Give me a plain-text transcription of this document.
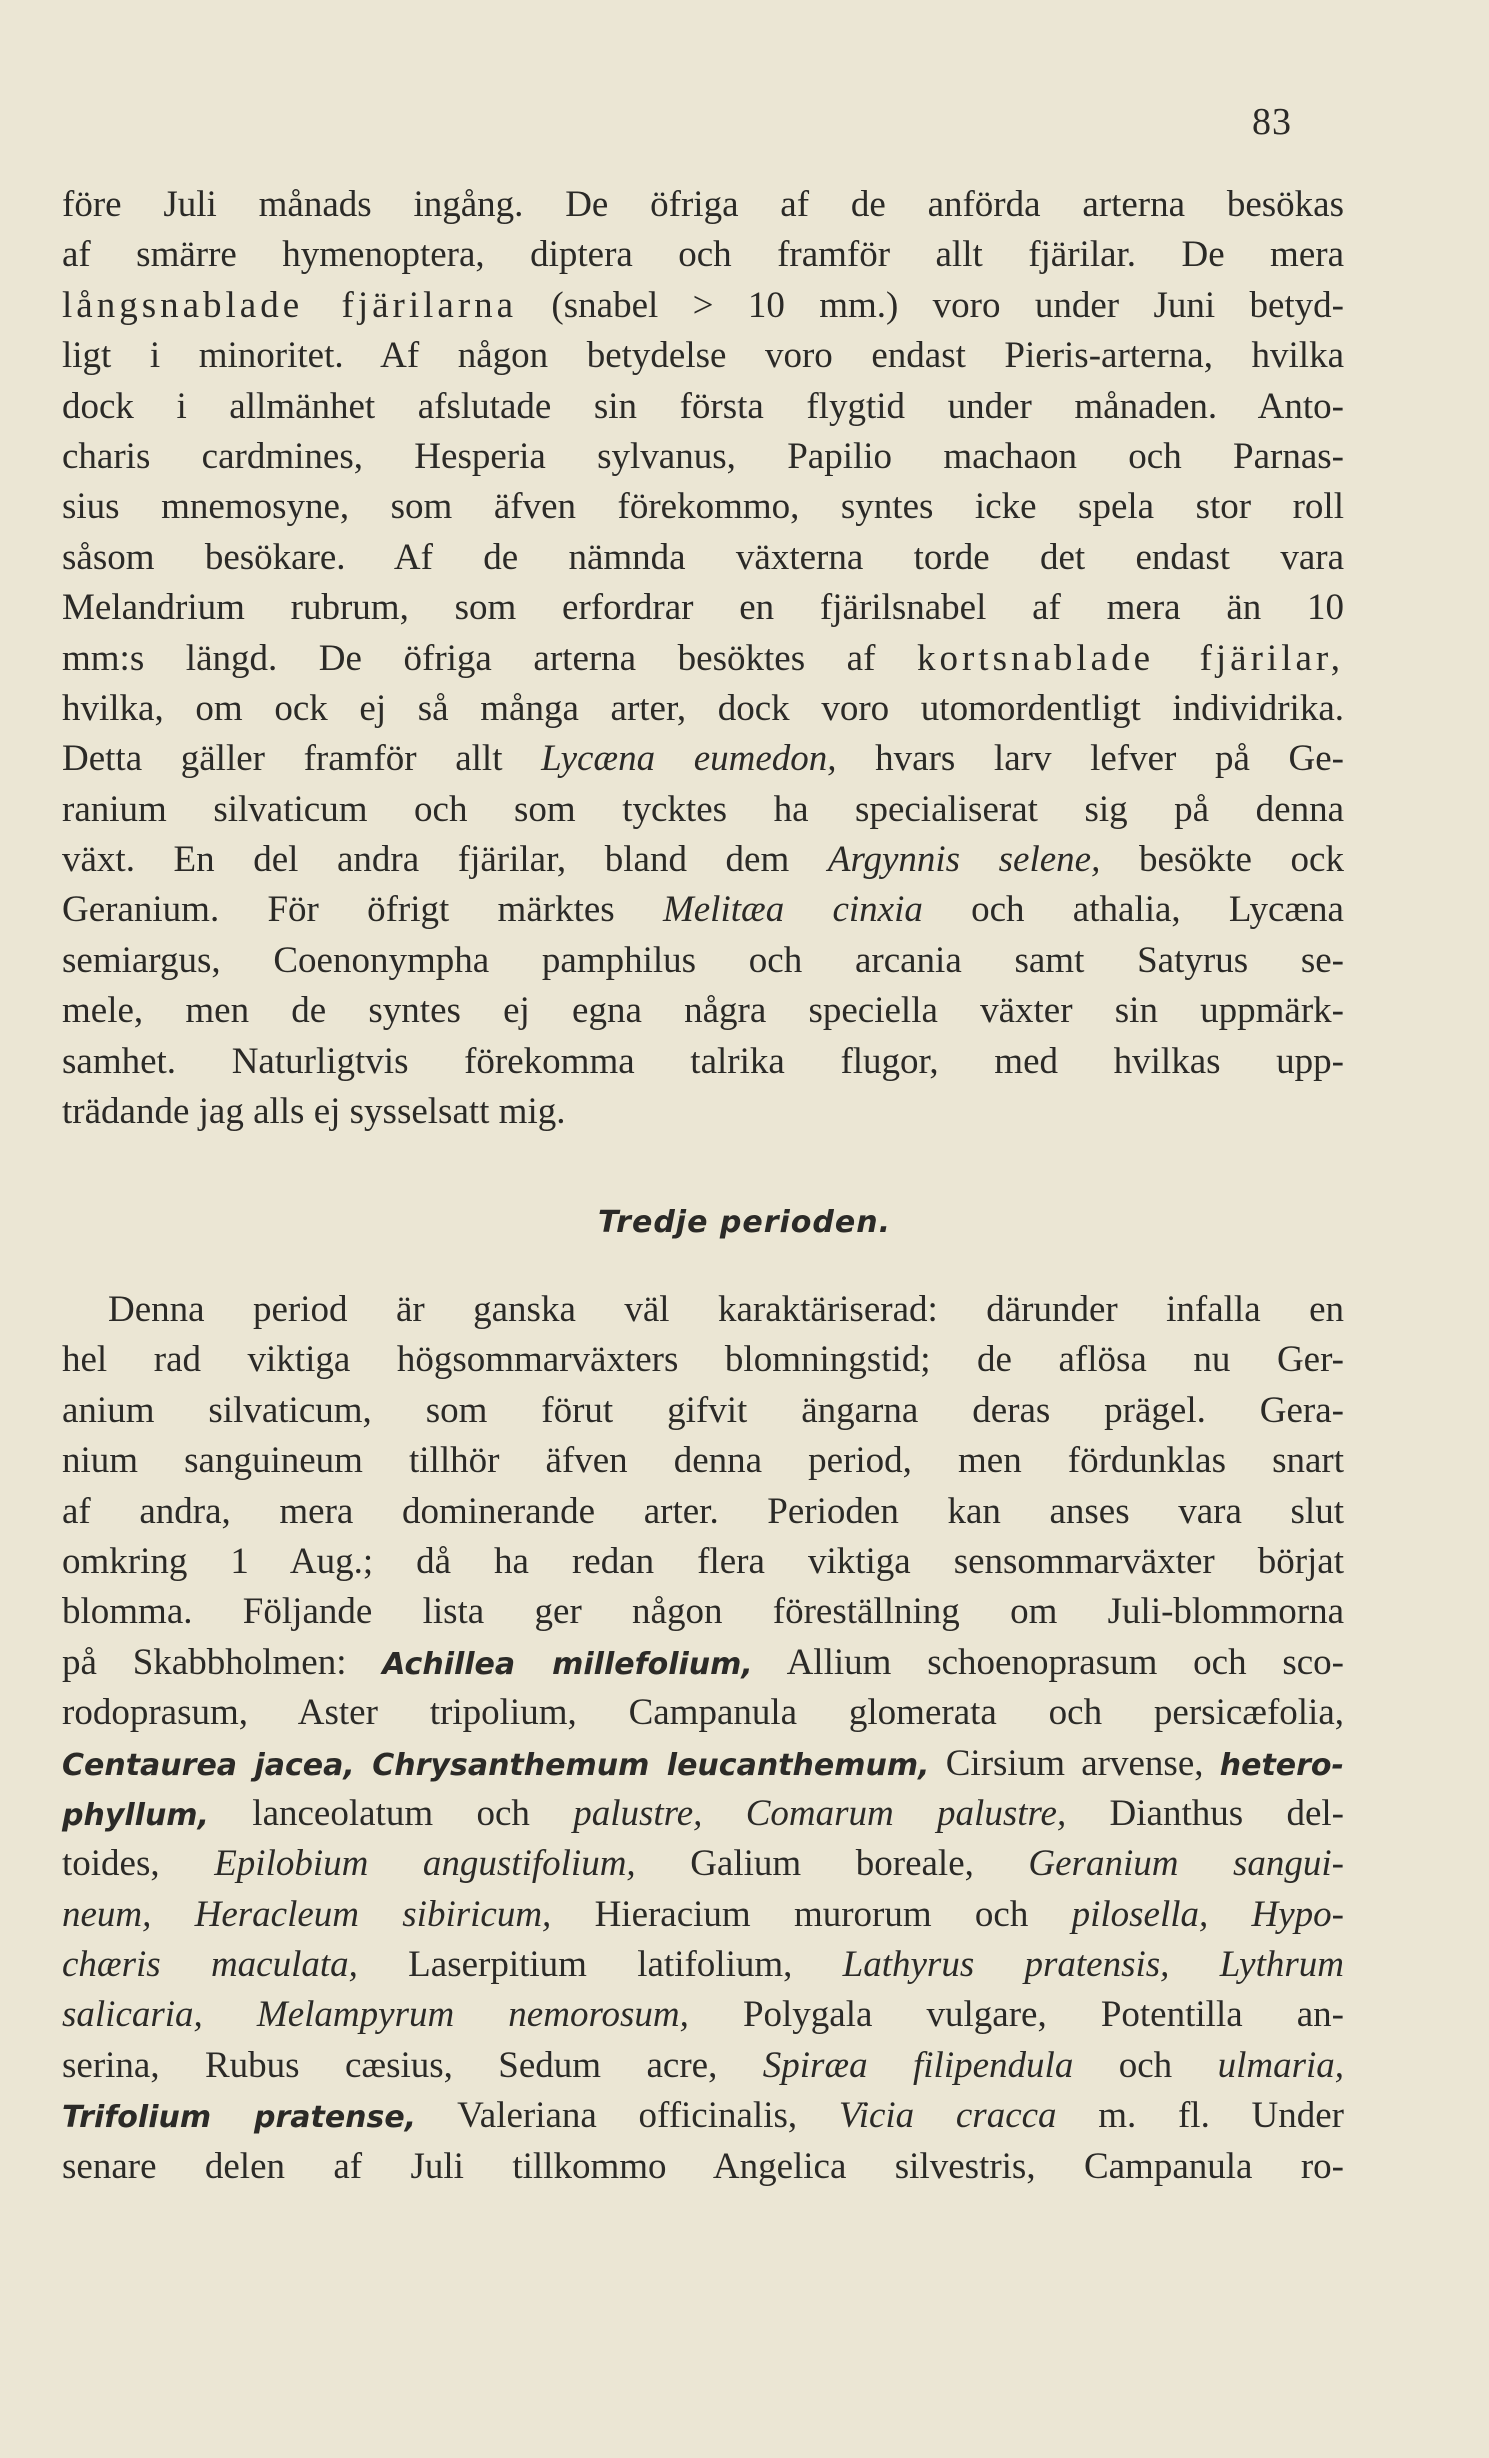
83
före Juli månads ingång. De öfriga af de anförda arterna besökas
af smärre hymenoptera, diptera och framför allt fjärilar. De mera
långsnablade fjärilarna (snabel > 10 mm.) voro under Juni betyd-
ligt i minoritet. Af någon betydelse voro endast Pieris-arterna, hvilka
dock i allmänhet afslutade sin första flygtid under månaden. Anto-
charis cardmines, Hesperia sylvanus, Papilio machaon och Parnas-
sius mnemosyne, som äfven förekommo, syntes icke spela stor roll
såsom besökare. Af de nämnda växterna torde det endast vara
Melandrium rubrum, som erfordrar en fjärilsnabel af mera än 10
mm:s längd. De öfriga arterna besöktes af kortsnablade fjärilar,
hvilka, om ock ej så många arter, dock voro utomordentligt individrika.
Detta gäller framför allt Lycæna eumedon, hvars larv lefver på Ge-
ranium silvaticum och som tycktes ha specialiserat sig på denna
växt. En del andra fjärilar, bland dem Argynnis selene, besökte ock
Geranium. För öfrigt märktes Melitæa cinxia och athalia, Lycæna
semiargus, Coenonympha pamphilus och arcania samt Satyrus se-
mele, men de syntes ej egna några speciella växter sin uppmärk-
samhet. Naturligtvis förekomma talrika flugor, med hvilkas upp-
trädande jag alls ej sysselsatt mig.
Tredje perioden.
Denna period är ganska väl karaktäriserad: därunder infalla en
hel rad viktiga högsommarväxters blomningstid; de aflösa nu Ger-
anium silvaticum, som förut gifvit ängarna deras prägel. Gera-
nium sanguineum tillhör äfven denna period, men fördunklas snart
af andra, mera dominerande arter. Perioden kan anses vara slut
omkring 1 Aug.; då ha redan flera viktiga sensommarväxter börjat
blomma. Följande lista ger någon föreställning om Juli-blommorna
på Skabbholmen: Achillea millefolium, Allium schoenoprasum och sco-
rodoprasum, Aster tripolium, Campanula glomerata och persicæfolia,
Centaurea jacea, Chrysanthemum leucanthemum, Cirsium arvense, hetero-
phyllum, lanceolatum och palustre, Comarum palustre, Dianthus del-
toides, Epilobium angustifolium, Galium boreale, Geranium sangui-
neum, Heracleum sibiricum, Hieracium murorum och pilosella, Hypo-
chæris maculata, Laserpitium latifolium, Lathyrus pratensis, Lythrum
salicaria, Melampyrum nemorosum, Polygala vulgare, Potentilla an-
serina, Rubus cæsius, Sedum acre, Spiræa filipendula och ulmaria,
Trifolium pratense, Valeriana officinalis, Vicia cracca m. fl. Under
senare delen af Juli tillkommo Angelica silvestris, Campanula ro-
